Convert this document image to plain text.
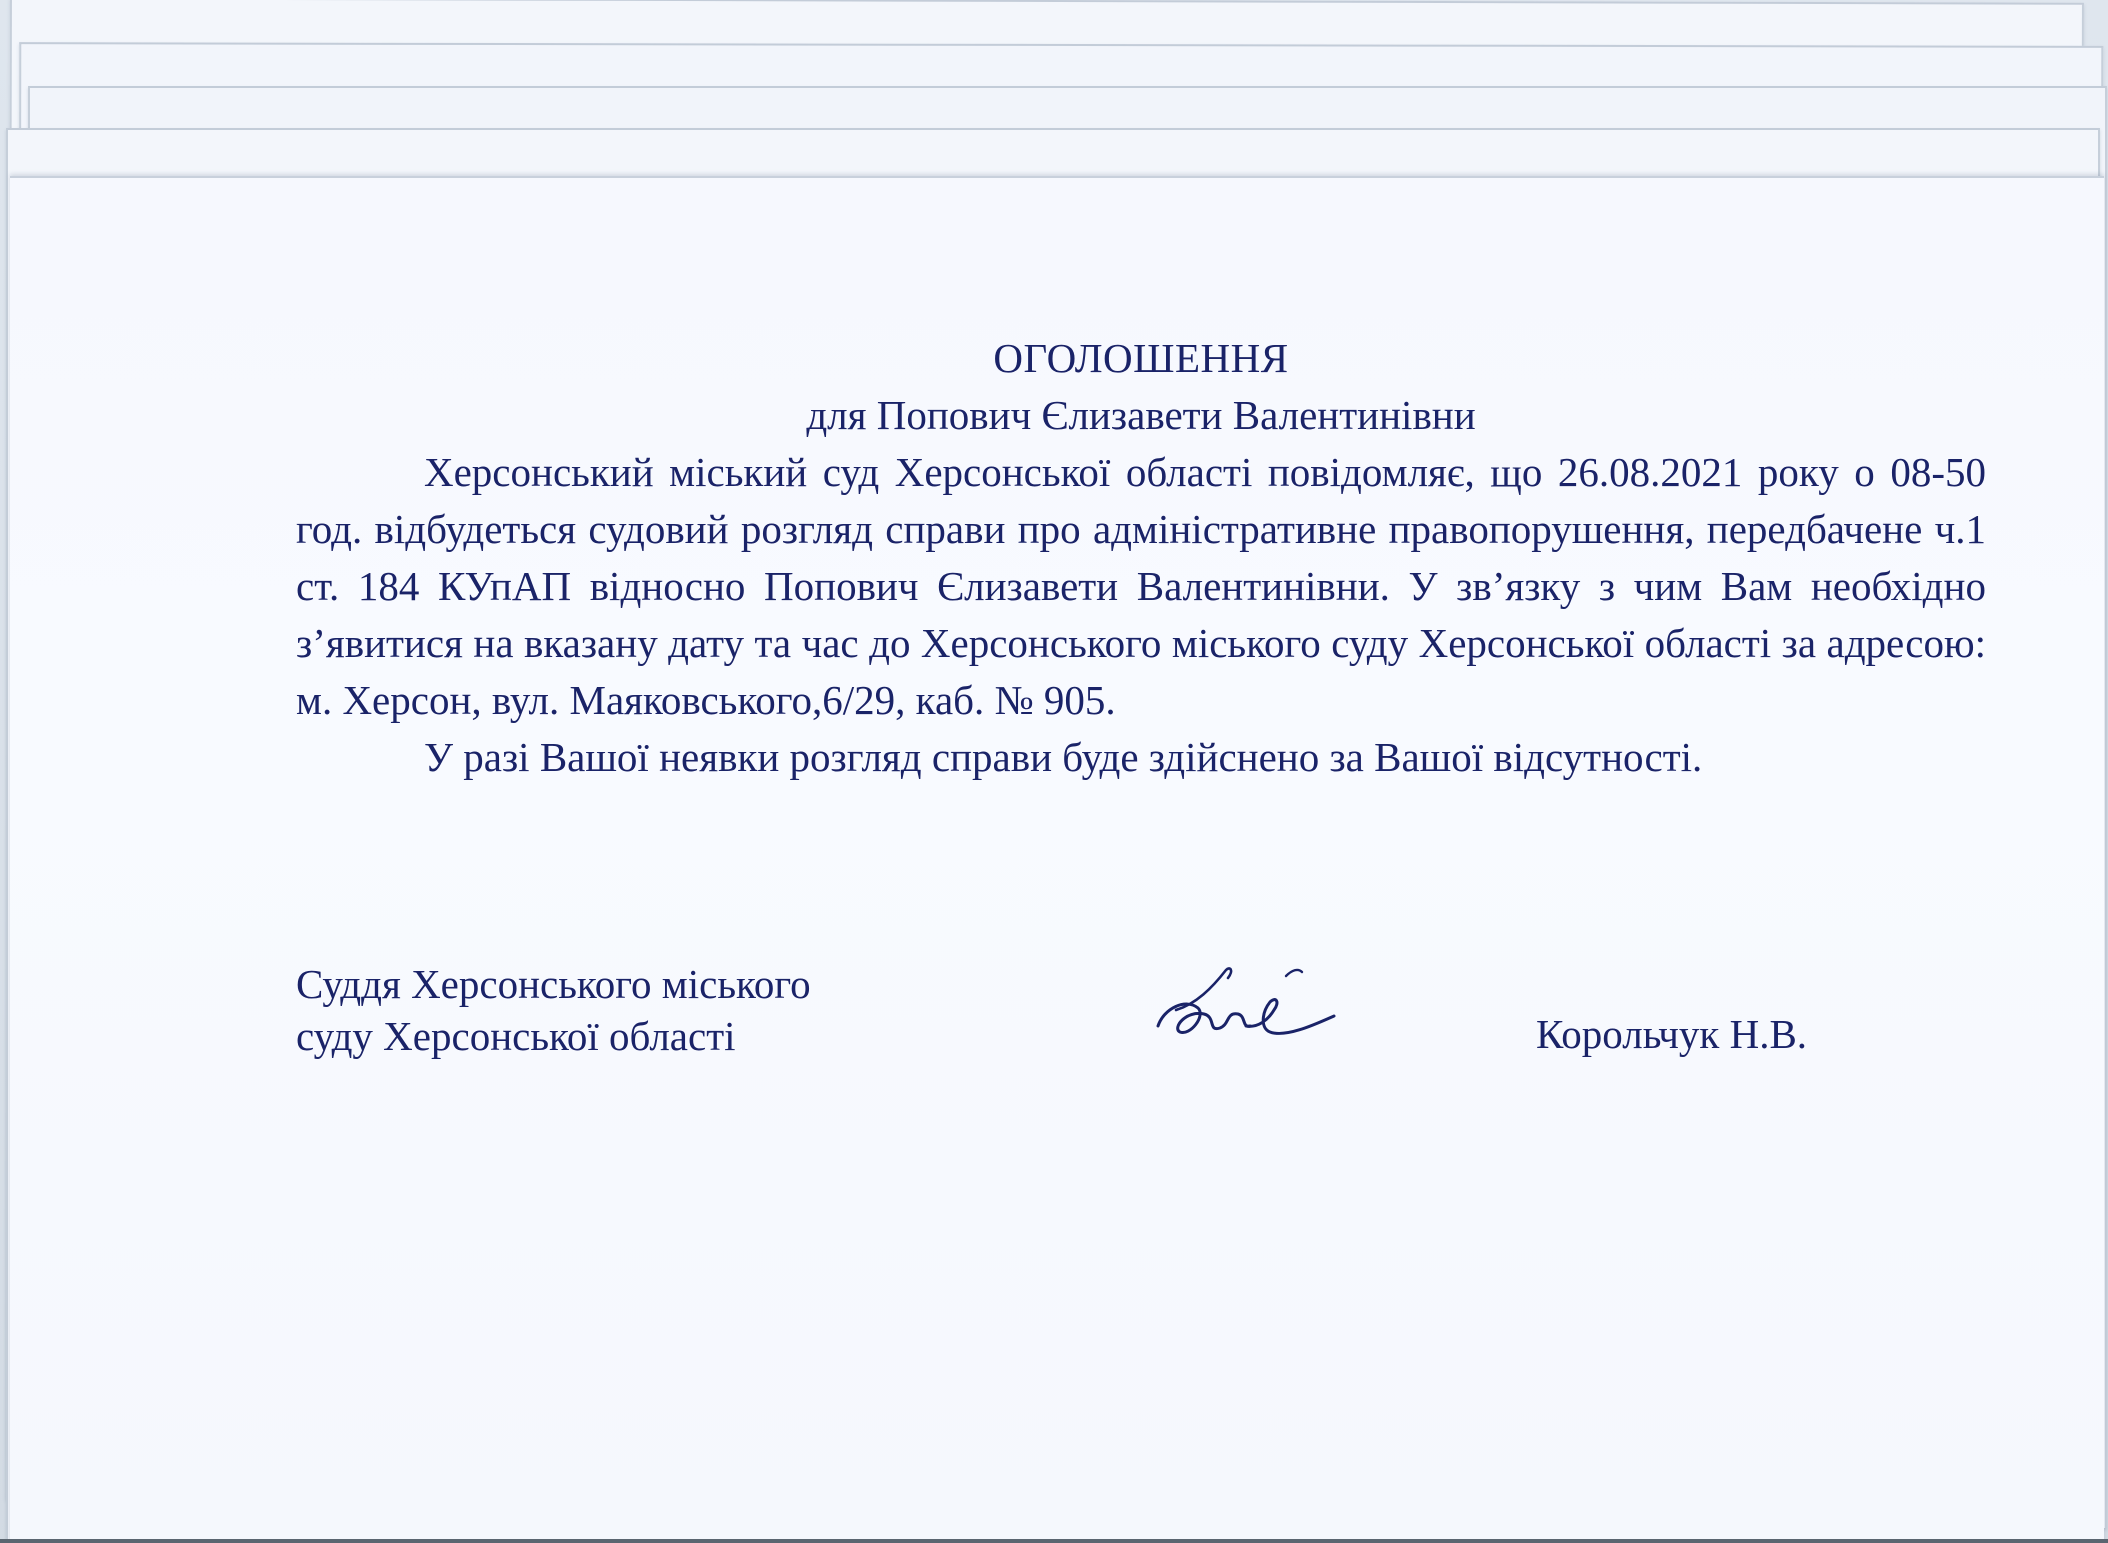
ОГОЛОШЕННЯ

для Попович Єлизавети Валентинівни

Херсонський міський суд Херсонської області повідомляє, що 26.08.2021 року о 08-50 год. відбудеться судовий розгляд справи про адміністративне правопорушення, передбачене ч.1 ст. 184 КУпАП відносно Попович Єлизавети Валентинівни. У зв’язку з чим Вам необхідно з’явитися на вказану дату та час до Херсонського міського суду Херсонської області за адресою: м. Херсон, вул. Маяковського,6/29, каб. № 905.

У разі Вашої неявки розгляд справи буде здійснено за Вашої відсутності.

Суддя Херсонського міського
суду Херсонської області	Корольчук Н.В.
